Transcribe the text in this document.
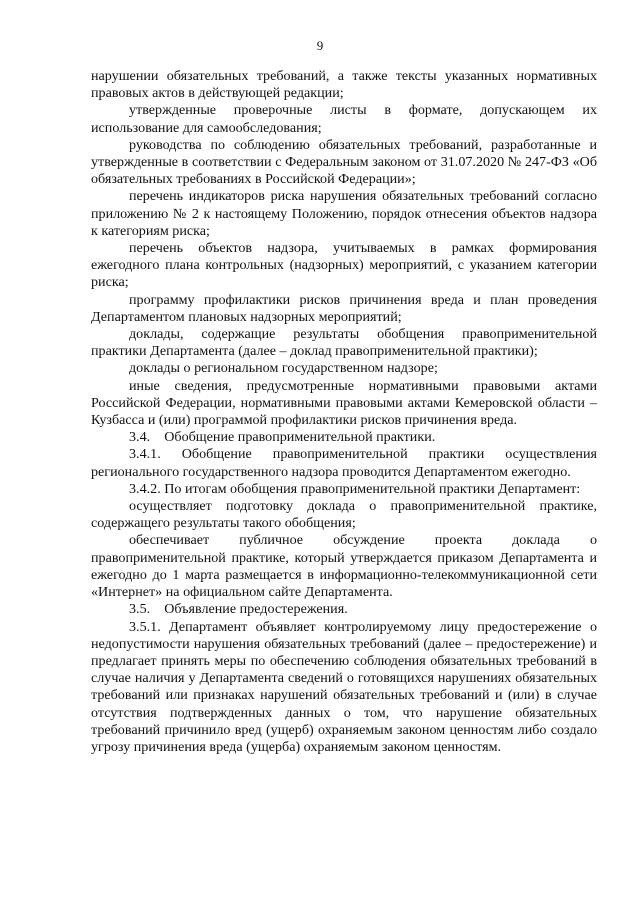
9

нарушении обязательных требований, а также тексты указанных нормативных правовых актов в действующей редакции;

утвержденные проверочные листы в формате, допускающем их использование для самообследования;

руководства по соблюдению обязательных требований, разработанные и утвержденные в соответствии с Федеральным законом от 31.07.2020 № 247-ФЗ «Об обязательных требованиях в Российской Федерации»;

перечень индикаторов риска нарушения обязательных требований согласно приложению № 2 к настоящему Положению, порядок отнесения объектов надзора к категориям риска;

перечень объектов надзора, учитываемых в рамках формирования ежегодного плана контрольных (надзорных) мероприятий, с указанием категории риска;

программу профилактики рисков причинения вреда и план проведения Департаментом плановых надзорных мероприятий;

доклады, содержащие результаты обобщения правоприменительной практики Департамента (далее – доклад правоприменительной практики);

доклады о региональном государственном надзоре;

иные сведения, предусмотренные нормативными правовыми актами Российской Федерации, нормативными правовыми актами Кемеровской области – Кузбасса и (или) программой профилактики рисков причинения вреда.

3.4.    Обобщение правоприменительной практики.

3.4.1. Обобщение правоприменительной практики осуществления регионального государственного надзора проводится Департаментом ежегодно.

3.4.2. По итогам обобщения правоприменительной практики Департамент:

осуществляет подготовку доклада о правоприменительной практике, содержащего результаты такого обобщения;

обеспечивает публичное обсуждение проекта доклада о правоприменительной практике, который утверждается приказом Департамента и ежегодно до 1 марта размещается в информационно-телекоммуникационной сети «Интернет» на официальном сайте Департамента.

3.5.    Объявление предостережения.

3.5.1. Департамент объявляет контролируемому лицу предостережение о недопустимости нарушения обязательных требований (далее – предостережение) и предлагает принять меры по обеспечению соблюдения обязательных требований в случае наличия у Департамента сведений о готовящихся нарушениях обязательных требований или признаках нарушений обязательных требований и (или) в случае отсутствия подтвержденных данных о том, что нарушение обязательных требований причинило вред (ущерб) охраняемым законом ценностям либо создало угрозу причинения вреда (ущерба) охраняемым законом ценностям.
